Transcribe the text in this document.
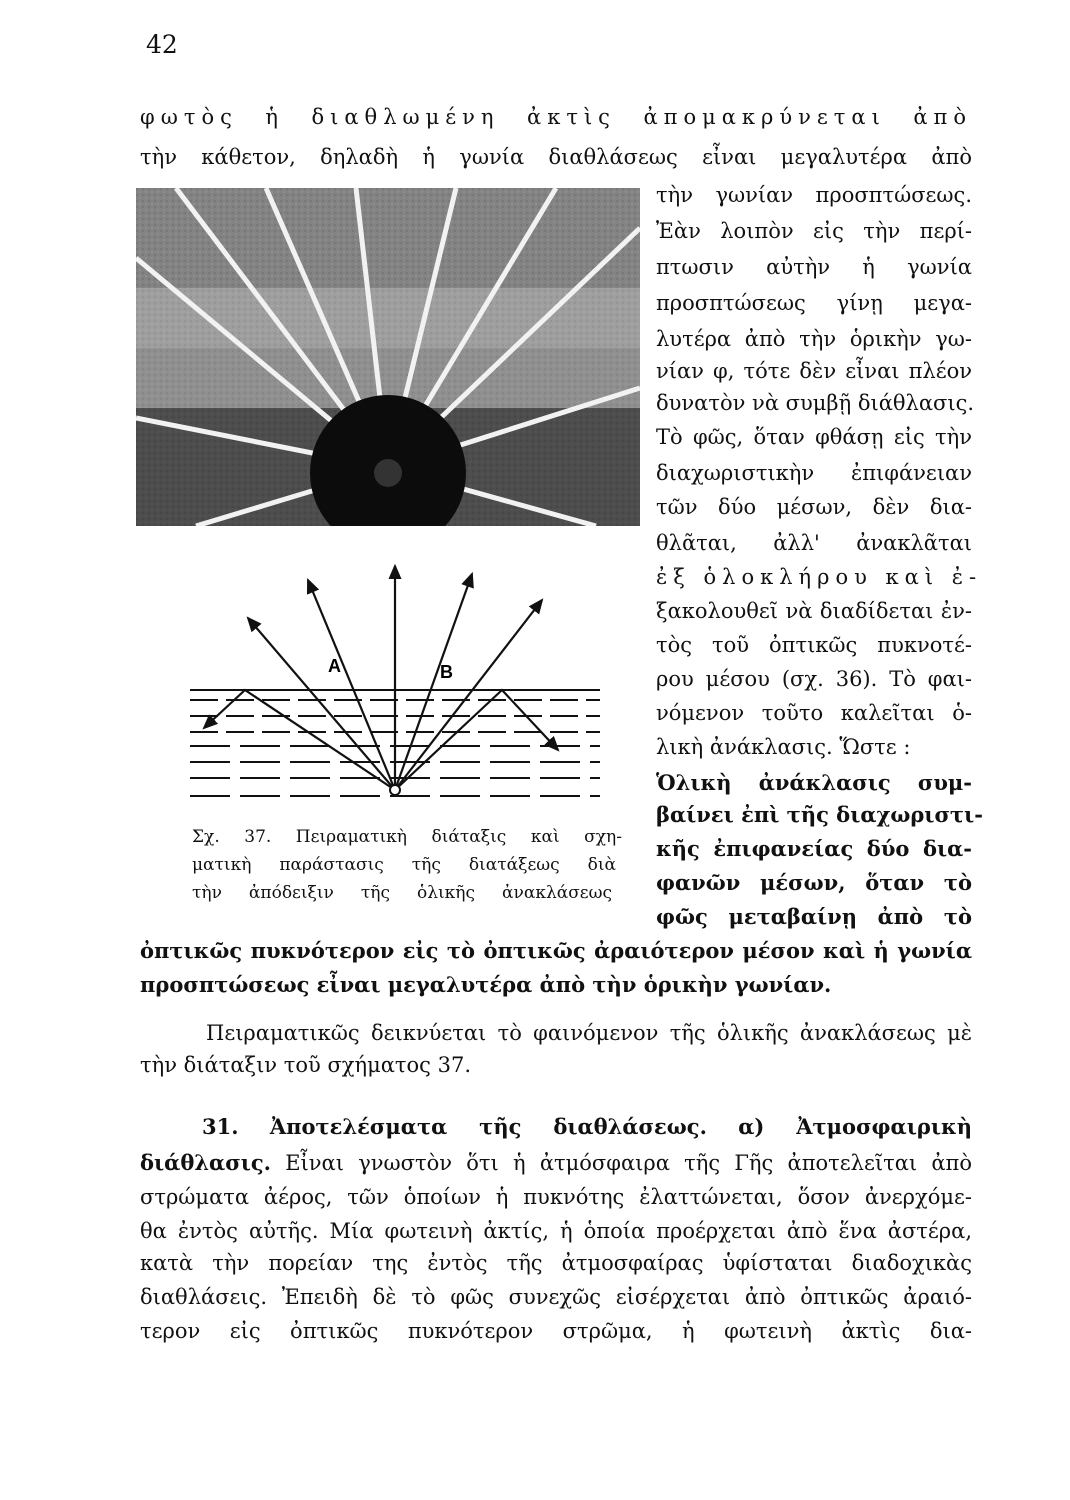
42
φωτὸς ἡ διαθλωμένη ἀκτὶς ἀπομακρύνεται ἀπὸ
τὴν κάθετον, δηλαδὴ ἡ γωνία διαθλάσεως εἶναι μεγαλυτέρα ἀπὸ
τὴν γωνίαν προσπτώσεως.
Ἐὰν λοιπὸν εἰς τὴν περί-
πτωσιν αὐτὴν ἡ γωνία
προσπτώσεως γίνῃ μεγα-
λυτέρα ἀπὸ τὴν ὁρικὴν γω-
νίαν φ, τότε δὲν εἶναι πλέον
δυνατὸν νὰ συμβῇ διάθλασις.
Τὸ φῶς, ὅταν φθάσῃ εἰς τὴν
διαχωριστικὴν ἐπιφάνειαν
τῶν δύο μέσων, δὲν δια-
θλᾶται, ἀλλ' ἀνακλᾶται
ἐξ ὁλοκλήρου καὶ ἐ-
ξακολουθεῖ νὰ διαδίδεται ἐν-
τὸς τοῦ ὀπτικῶς πυκνοτέ-
ρου μέσου (σχ. 36). Τὸ φαι-
νόμενον τοῦτο καλεῖται ὁ-
λικὴ ἀνάκλασις. Ὥστε :
Ὁλικὴ ἀνάκλασις συμ-
βαίνει ἐπὶ τῆς διαχωριστι-
κῆς ἐπιφανείας δύο δια-
φανῶν μέσων, ὅταν τὸ
φῶς μεταβαίνῃ ἀπὸ τὸ
A	B
Σχ. 37. Πειραματικὴ διάταξις καὶ σχη-
ματικὴ παράστασις τῆς διατάξεως διὰ
τὴν ἀπόδειξιν τῆς ὁλικῆς ἀνακλάσεως
ὀπτικῶς πυκνότερον εἰς τὸ ὀπτικῶς ἀραιότερον μέσον καὶ ἡ γωνία
προσπτώσεως εἶναι μεγαλυτέρα ἀπὸ τὴν ὁρικὴν γωνίαν.
Πειραματικῶς δεικνύεται τὸ φαινόμενον τῆς ὁλικῆς ἀνακλάσεως μὲ
τὴν διάταξιν τοῦ σχήματος 37.
31. Ἀποτελέσματα τῆς διαθλάσεως. α) Ἀτμοσφαιρικὴ
διάθλασις. Εἶναι γνωστὸν ὅτι ἡ ἀτμόσφαιρα τῆς Γῆς ἀποτελεῖται ἀπὸ
στρώματα ἀέρος, τῶν ὁποίων ἡ πυκνότης ἐλαττώνεται, ὅσον ἀνερχόμε-
θα ἐντὸς αὐτῆς. Μία φωτεινὴ ἀκτίς, ἡ ὁποία προέρχεται ἀπὸ ἕνα ἀστέρα,
κατὰ τὴν πορείαν της ἐντὸς τῆς ἀτμοσφαίρας ὑφίσταται διαδοχικὰς
διαθλάσεις. Ἐπειδὴ δὲ τὸ φῶς συνεχῶς εἰσέρχεται ἀπὸ ὀπτικῶς ἀραιό-
τερον εἰς ὀπτικῶς πυκνότερον στρῶμα, ἡ φωτεινὴ ἀκτὶς δια-
